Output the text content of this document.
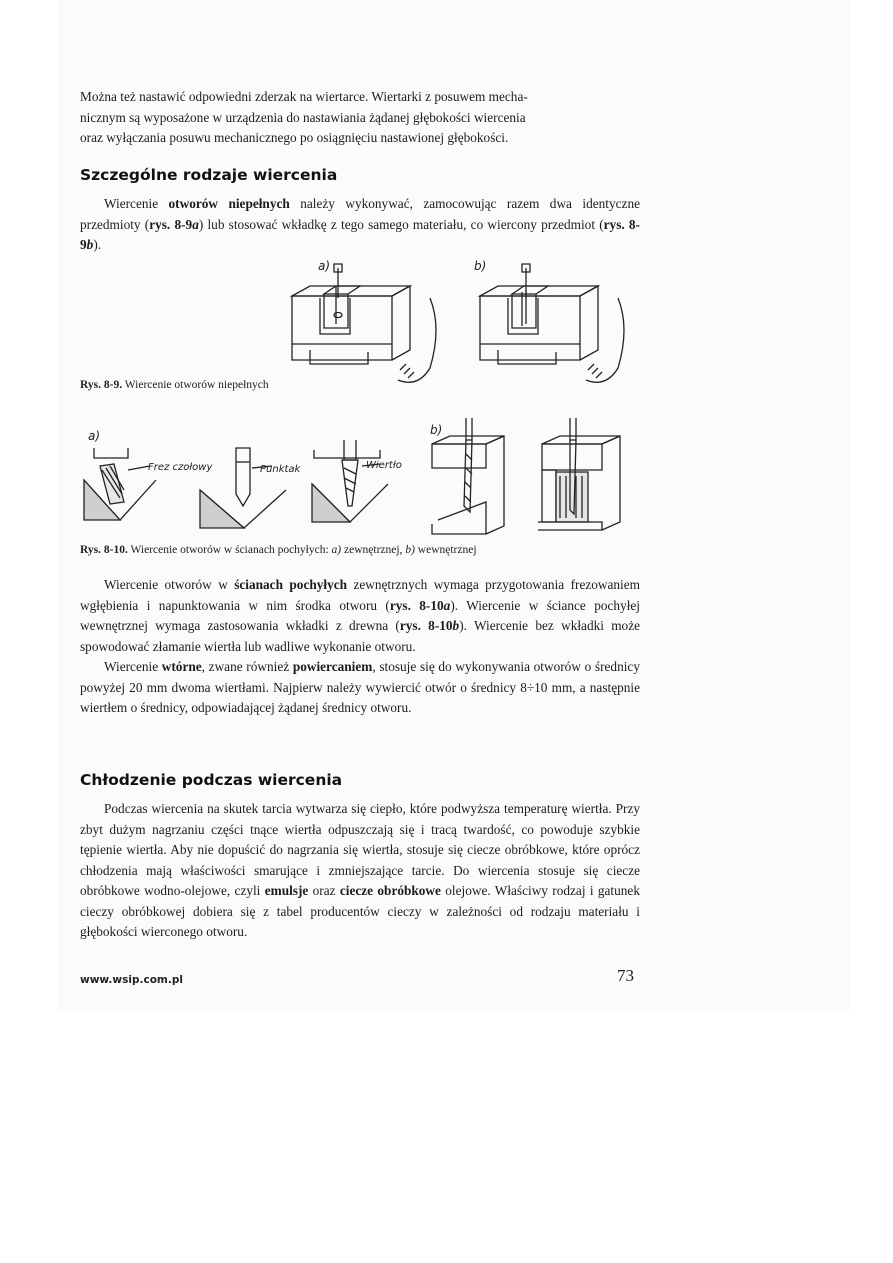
Można też nastawić odpowiedni zderzak na wiertarce. Wiertarki z posuwem mecha-

nicznym są wyposażone w urządzenia do nastawiania żądanej głębokości wiercenia

oraz wyłączania posuwu mechanicznego po osiągnięciu nastawionej głębokości.

Szczególne rodzaje wiercenia

Wiercenie otworów niepełnych należy wykonywać, zamocowując razem dwa identyczne przedmioty (rys. 8-9a) lub stosować wkładkę z tego samego materiału, co wiercony przedmiot (rys. 8-9b).

a)	b)
Rys. 8-9. Wiercenie otworów niepełnych
a)	b)
Frez czołowy	Punktak	Wiertło
Rys. 8-10. Wiercenie otworów w ścianach pochyłych: a) zewnętrznej, b) wewnętrznej

Wiercenie otworów w ścianach pochyłych zewnętrznych wymaga przygotowania frezowaniem wgłębienia i napunktowania w nim środka otworu (rys. 8-10a). Wiercenie w ściance pochyłej wewnętrznej wymaga zastosowania wkładki z drewna (rys. 8-10b). Wiercenie bez wkładki może spowodować złamanie wiertła lub wadliwe wykonanie otworu.

Wiercenie wtórne, zwane również powiercaniem, stosuje się do wykonywania otworów o średnicy powyżej 20 mm dwoma wiertłami. Najpierw należy wywiercić otwór o średnicy 8÷10 mm, a następnie wiertłem o średnicy, odpowiadającej żądanej średnicy otworu.

Chłodzenie podczas wiercenia

Podczas wiercenia na skutek tarcia wytwarza się ciepło, które podwyższa temperaturę wiertła. Przy zbyt dużym nagrzaniu części tnące wiertła odpuszczają się i tracą twardość, co powoduje szybkie tępienie wiertła. Aby nie dopuścić do nagrzania się wiertła, stosuje się ciecze obróbkowe, które oprócz chłodzenia mają właściwości smarujące i zmniejszające tarcie. Do wiercenia stosuje się ciecze obróbkowe wodno-olejowe, czyli emulsje oraz ciecze obróbkowe olejowe. Właściwy rodzaj i gatunek cieczy obróbkowej dobiera się z tabel producentów cieczy w zależności od rodzaju materiału i głębokości wierconego otworu.

www.wsip.com.pl	73
